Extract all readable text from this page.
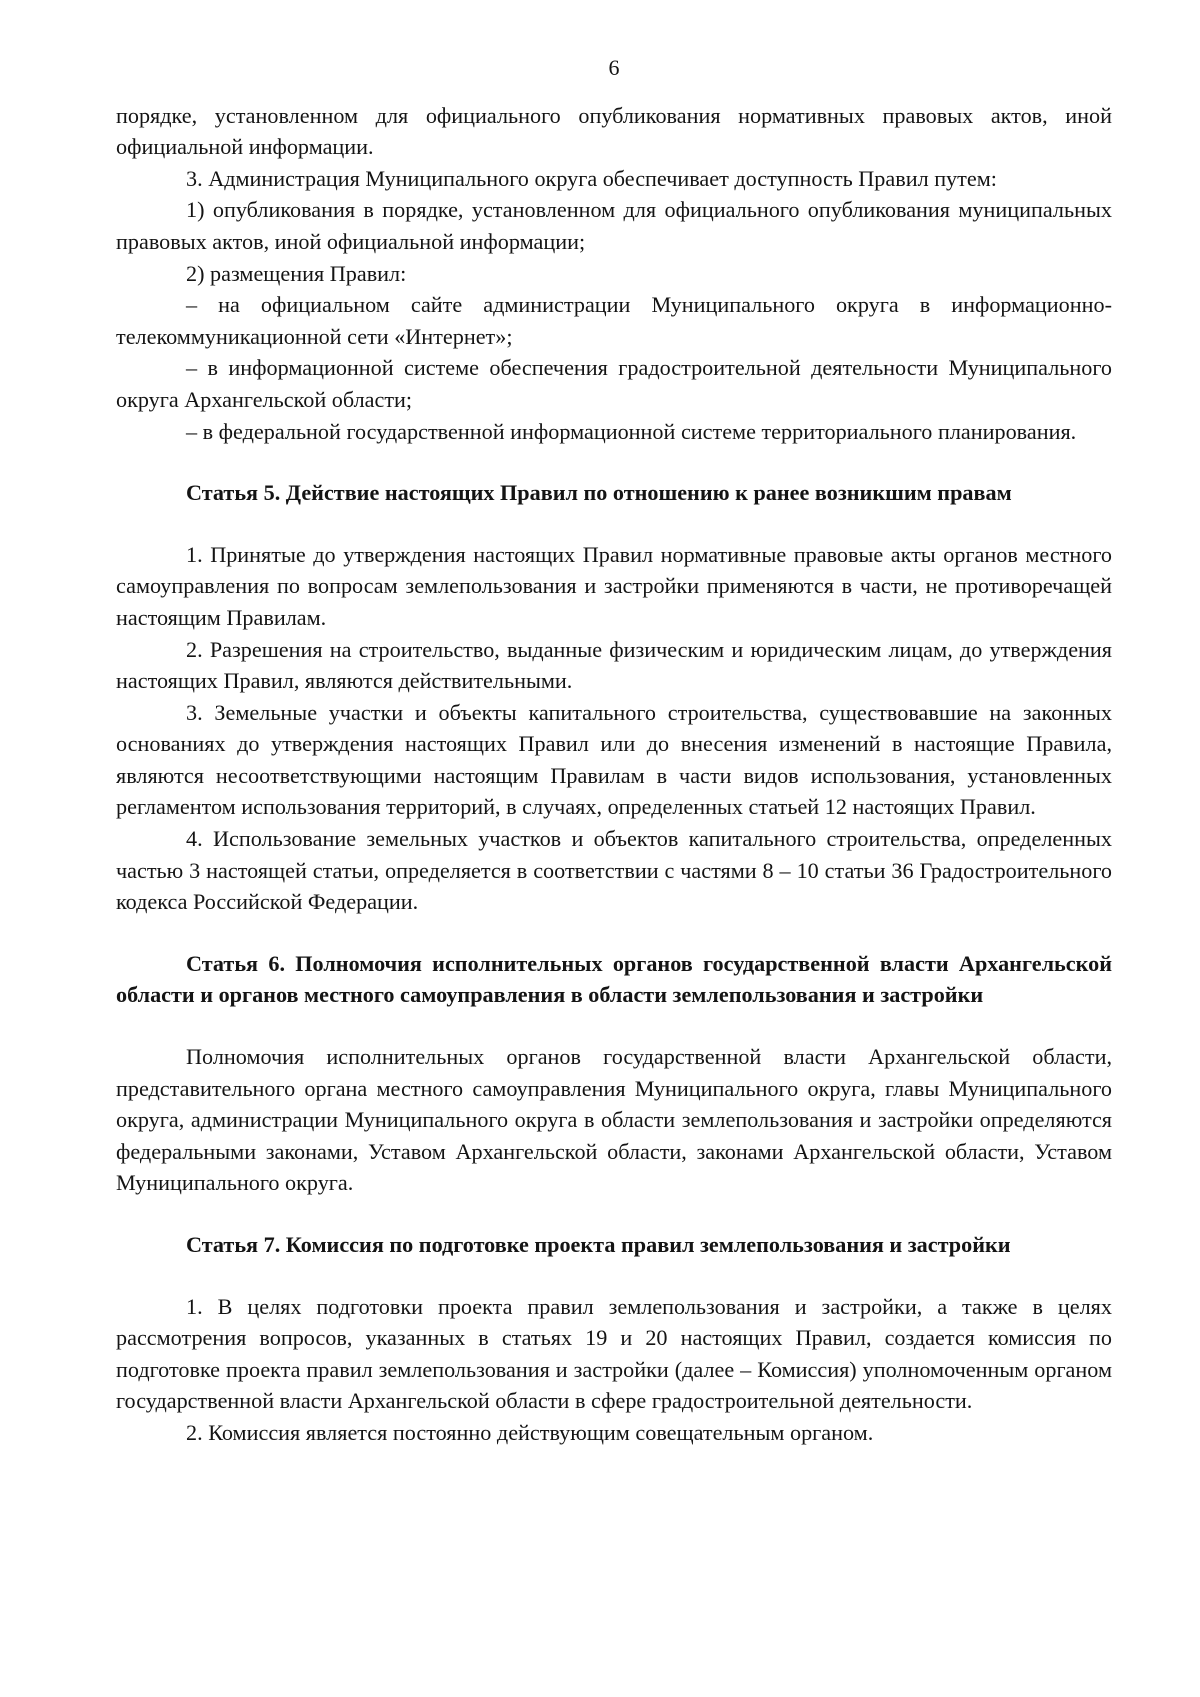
6

порядке, установленном для официального опубликования нормативных правовых актов, иной официальной информации.

3. Администрация Муниципального округа обеспечивает доступность Правил путем:

1) опубликования в порядке, установленном для официального опубликования муниципальных правовых актов, иной официальной информации;

2) размещения Правил:

– на официальном сайте администрации Муниципального округа в информационно-телекоммуникационной сети «Интернет»;

– в информационной системе обеспечения градостроительной деятельности Муниципального округа Архангельской области;

– в федеральной государственной информационной системе территориального планирования.

Статья 5. Действие настоящих Правил по отношению к ранее возникшим правам

1. Принятые до утверждения настоящих Правил нормативные правовые акты органов местного самоуправления по вопросам землепользования и застройки применяются в части, не противоречащей настоящим Правилам.

2. Разрешения на строительство, выданные физическим и юридическим лицам, до утверждения настоящих Правил, являются действительными.

3. Земельные участки и объекты капитального строительства, существовавшие на законных основаниях до утверждения настоящих Правил или до внесения изменений в настоящие Правила, являются несоответствующими настоящим Правилам в части видов использования, установленных регламентом использования территорий, в случаях, определенных статьей 12 настоящих Правил.

4. Использование земельных участков и объектов капитального строительства, определенных частью 3 настоящей статьи, определяется в соответствии с частями 8 – 10 статьи 36 Градостроительного кодекса Российской Федерации.

Статья 6. Полномочия исполнительных органов государственной власти Архангельской области и органов местного самоуправления в области землепользования и застройки

Полномочия исполнительных органов государственной власти Архангельской области, представительного органа местного самоуправления Муниципального округа, главы Муниципального округа, администрации Муниципального округа в области землепользования и застройки определяются федеральными законами, Уставом Архангельской области, законами Архангельской области, Уставом Муниципального округа.

Статья 7. Комиссия по подготовке проекта правил землепользования и застройки

1. В целях подготовки проекта правил землепользования и застройки, а также в целях рассмотрения вопросов, указанных в статьях 19 и 20 настоящих Правил, создается комиссия по подготовке проекта правил землепользования и застройки (далее – Комиссия) уполномоченным органом государственной власти Архангельской области в сфере градостроительной деятельности.

2. Комиссия является постоянно действующим совещательным органом.
